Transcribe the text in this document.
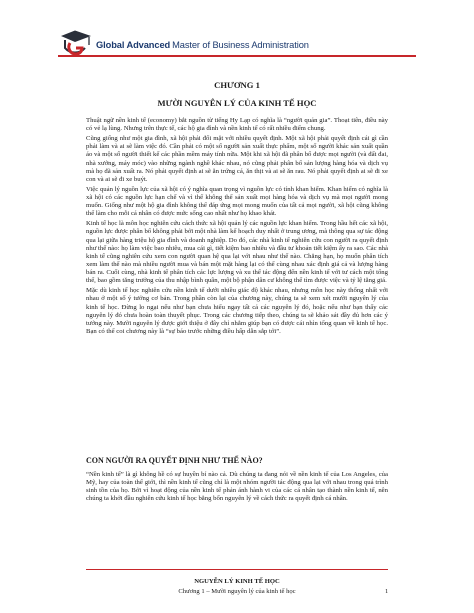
Global Advanced Master of Business Administration
CHƯƠNG 1
MƯỜI NGUYÊN LÝ CỦA KINH TẾ HỌC

Thuật ngữ nền kinh tế (economy) bắt nguồn từ tiếng Hy Lạp có nghĩa là “người quản gia”. Thoạt tiên, điều này có vẻ lạ lùng. Nhưng trên thực tế, các hộ gia đình và nền kinh tế có rất nhiều điểm chung.

Cũng giống như một gia đình, xã hội phải đối mặt với nhiều quyết định. Một xã hội phải quyết định cái gì cần phải làm và ai sẽ làm việc đó. Cần phải có một số người sản xuất thực phẩm, một số người khác sản xuất quần áo và một số người thiết kế các phần mềm máy tính nữa. Một khi xã hội đã phân bổ được mọi người (và đất đai, nhà xưởng, máy móc) vào những ngành nghề khác nhau, nó cũng phải phân bổ sản lượng hàng hóa và dịch vụ mà họ đã sản xuất ra. Nó phải quyết định ai sẽ ăn trứng cá, ăn thịt và ai sẽ ăn rau. Nó phải quyết định ai sẽ đi xe con và ai sẽ đi xe buýt.

Việc quản lý nguồn lực của xã hội có ý nghĩa quan trọng vì nguồn lực có tính khan hiếm. Khan hiếm có nghĩa là xã hội có các nguồn lực hạn chế và vì thế không thể sản xuất mọi hàng hóa và dịch vụ mà mọi người mong muốn. Giống như một hộ gia đình không thể đáp ứng mọi mong muốn của tất cả mọi người, xã hội cũng không thể làm cho mỗi cá nhân có được mức sống cao nhất như họ khao khát.

Kinh tế học là môn học nghiên cứu cách thức xã hội quản lý các nguồn lực khan hiếm. Trong hầu hết các xã hội, nguồn lực được phân bổ không phải bởi một nhà làm kế hoạch duy nhất ở trung ương, mà thông qua sự tác động qua lại giữa hàng triệu hộ gia đình và doanh nghiệp. Do đó, các nhà kinh tế nghiên cứu con người ra quyết định như thế nào: họ làm việc bao nhiêu, mua cái gì, tiết kiệm bao nhiêu và đầu tư khoản tiết kiệm ấy ra sao. Các nhà kinh tế cũng nghiên cứu xem con người quan hệ qua lại với nhau như thế nào. Chẳng hạn, họ muốn phân tích xem làm thế nào mà nhiều người mua và bán một mặt hàng lại có thể cùng nhau xác định giá cả và lượng hàng bán ra. Cuối cùng, nhà kinh tế phân tích các lực lượng và xu thế tác động đến nền kinh tế với tư cách một tổng thể, bao gồm tăng trưởng của thu nhập bình quân, một bộ phận dân cư không thể tìm được việc và tỷ lệ tăng giá.

Mặc dù kinh tế học nghiên cứu nền kinh tế dưới nhiều giác độ khác nhau, nhưng môn học này thống nhất với nhau ở một số ý tưởng cơ bản. Trong phần còn lại của chương này, chúng ta sẽ xem xét mười nguyên lý của kinh tế học. Đừng lo ngại nếu như bạn chưa hiểu ngay tất cả các nguyên lý đó, hoặc nếu như bạn thấy các nguyên lý đó chưa hoàn toàn thuyết phục. Trong các chương tiếp theo, chúng ta sẽ khảo sát đầy đủ hơn các ý tưởng này. Mười nguyên lý được giới thiệu ở đây chỉ nhằm giúp bạn có được cái nhìn tổng quan về kinh tế học. Bạn có thể coi chương này là “sự báo trước những điều hấp dẫn sắp tới”.

CON NGƯỜI RA QUYẾT ĐỊNH NHƯ THẾ NÀO?

“Nền kinh tế” là gì không hề có sự huyền bí nào cả. Dù chúng ta đang nói về nền kinh tế của Los Angeles, của Mỹ, hay của toàn thế giới, thì nền kinh tế cũng chỉ là một nhóm người tác động qua lại với nhau trong quá trình sinh tồn của họ. Bởi vì hoạt động của nền kinh tế phản ánh hành vi của các cá nhân tạo thành nền kinh tế, nên chúng ta khởi đầu nghiên cứu kinh tế học bằng bốn nguyên lý về cách thức ra quyết định cá nhân.

NGUYỄN LÝ KINH TẾ HỌC
Chương 1 – Mười nguyên lý của kinh tế học	1
